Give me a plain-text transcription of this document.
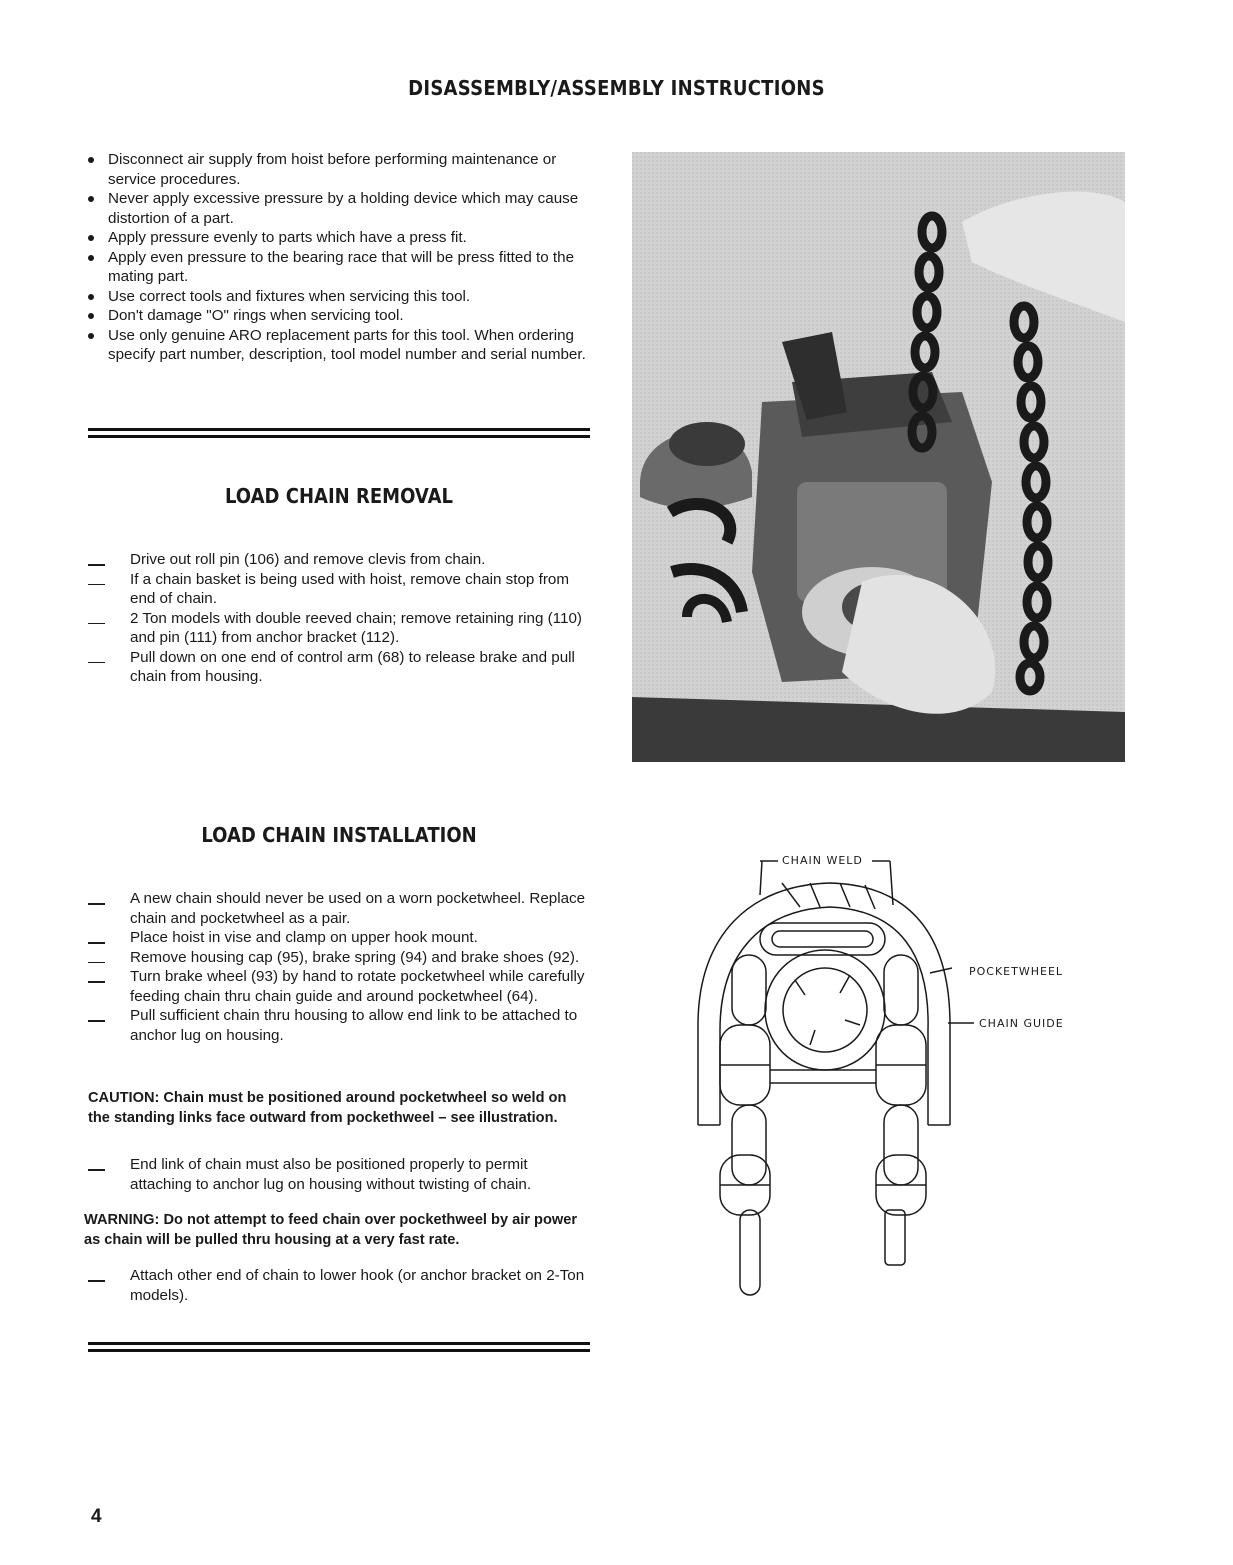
DISASSEMBLY/ASSEMBLY INSTRUCTIONS
Disconnect air supply from hoist before performing maintenance or service procedures.
Never apply excessive pressure by a holding device which may cause distortion of a part.
Apply pressure evenly to parts which have a press fit.
Apply even pressure to the bearing race that will be press fitted to the mating part.
Use correct tools and fixtures when servicing this tool.
Don't damage "O" rings when servicing tool.
Use only genuine ARO replacement parts for this tool. When ordering specify part number, description, tool model number and serial number.
LOAD CHAIN REMOVAL
Drive out roll pin (106) and remove clevis from chain.
If a chain basket is being used with hoist, remove chain stop from end of chain.
2 Ton models with double reeved chain; remove retaining ring (110) and pin (111) from anchor bracket (112).
Pull down on one end of control arm (68) to release brake and pull chain from housing.
LOAD CHAIN INSTALLATION
A new chain should never be used on a worn pocketwheel. Replace chain and pocketwheel as a pair.
Place hoist in vise and clamp on upper hook mount.
Remove housing cap (95), brake spring (94) and brake shoes (92).
Turn brake wheel (93) by hand to rotate pocketwheel while carefully feeding chain thru chain guide and around pocketwheel (64).
Pull sufficient chain thru housing to allow end link to be attached to anchor lug on housing.

CAUTION: Chain must be positioned around pocketwheel so weld on the standing links face outward from pockethweel – see illustration.

End link of chain must also be positioned properly to permit attaching to anchor lug on housing without twisting of chain.

WARNING: Do not attempt to feed chain over pockethweel by air power as chain will be pulled thru housing at a very fast rate.

Attach other end of chain to lower hook (or anchor bracket on 2-Ton models).
CHAIN WELD
POCKETWHEEL
CHAIN GUIDE

4
